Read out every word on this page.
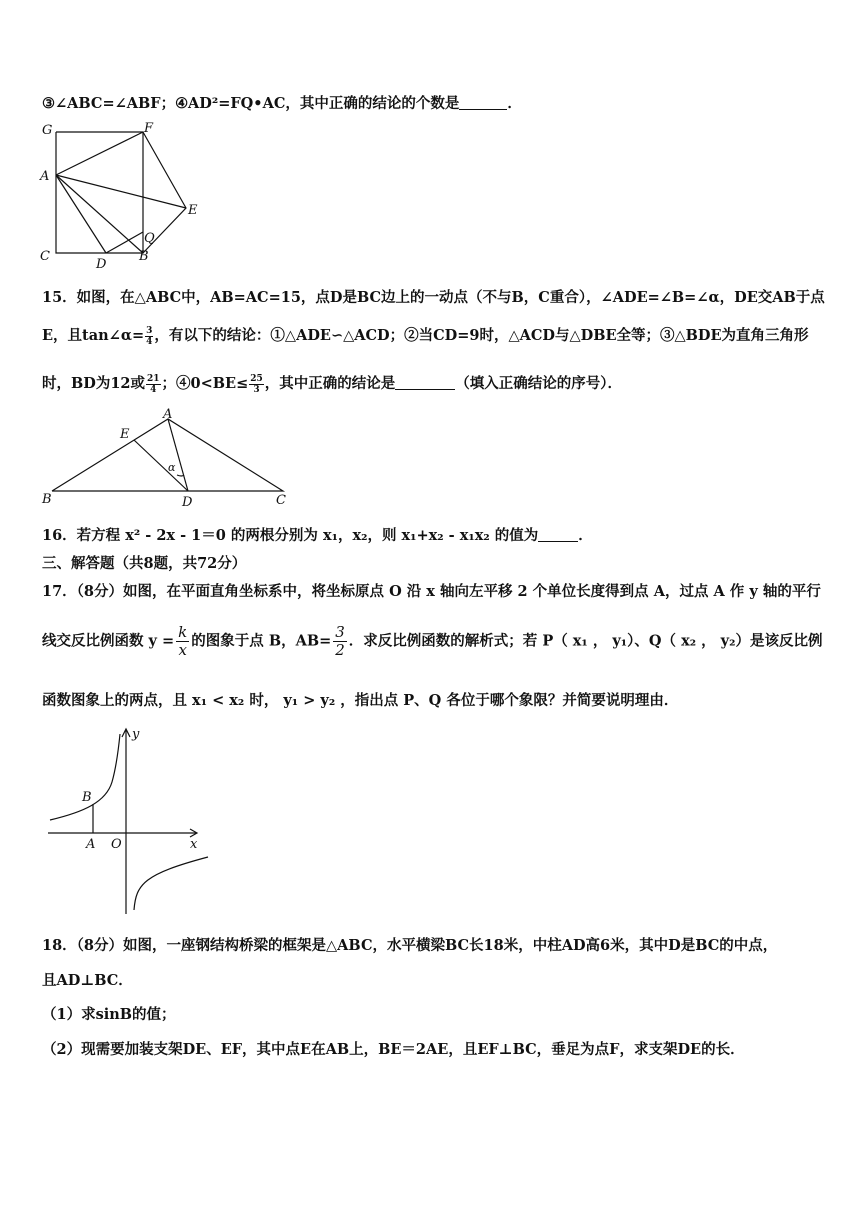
③∠ABC=∠ABF；④AD²=FQ•AC，其中正确的结论的个数是	．
G	F
A
E
Q
C
D
B
15．如图，在△ABC中，AB=AC=15，点D是BC边上的一动点（不与B，C重合），∠ADE=∠B=∠α，DE交AB于点
E，且tan∠α= $\frac{3}{4}$ ，有以下的结论：①△ADE∽△ACD；②当CD=9时，△ACD与△DBE全等；③△BDE为直角三角形
时，BD为12或 $\frac{21}{4}$ ；④0<BE≤ $\frac{25}{3}$ ，其中正确的结论是	（填入正确结论的序号）．
A
E
α
B	D	C
16．若方程 x² - 2x - 1＝0 的两根分别为 x₁，x₂，则 x₁+x₂ - x₁x₂ 的值为	．
三、解答题（共8题，共72分）
17．（8分）如图，在平面直角坐标系中，将坐标原点 O 沿 x 轴向左平移 2 个单位长度得到点 A，过点 A 作 y 轴的平行
线交反比例函数 $y = \frac{k}{x}$ 的图象于点 B，$AB= \frac{3}{2}$ ．求反比例函数的解析式；若 P（ x₁ ， y₁）、Q（ x₂ ， y₂）是该反比例
函数图象上的两点，且 x₁ < x₂ 时， y₁ > y₂ ，指出点 P、Q 各位于哪个象限？并简要说明理由．
y
B
A O	x
18．（8分）如图，一座钢结构桥梁的框架是△ABC，水平横梁BC长18米，中柱AD高6米，其中D是BC的中点，
且AD⊥BC．
（1）求sinB的值；
（2）现需要加装支架DE、EF，其中点E在AB上，BE＝2AE，且EF⊥BC，垂足为点F，求支架DE的长．
